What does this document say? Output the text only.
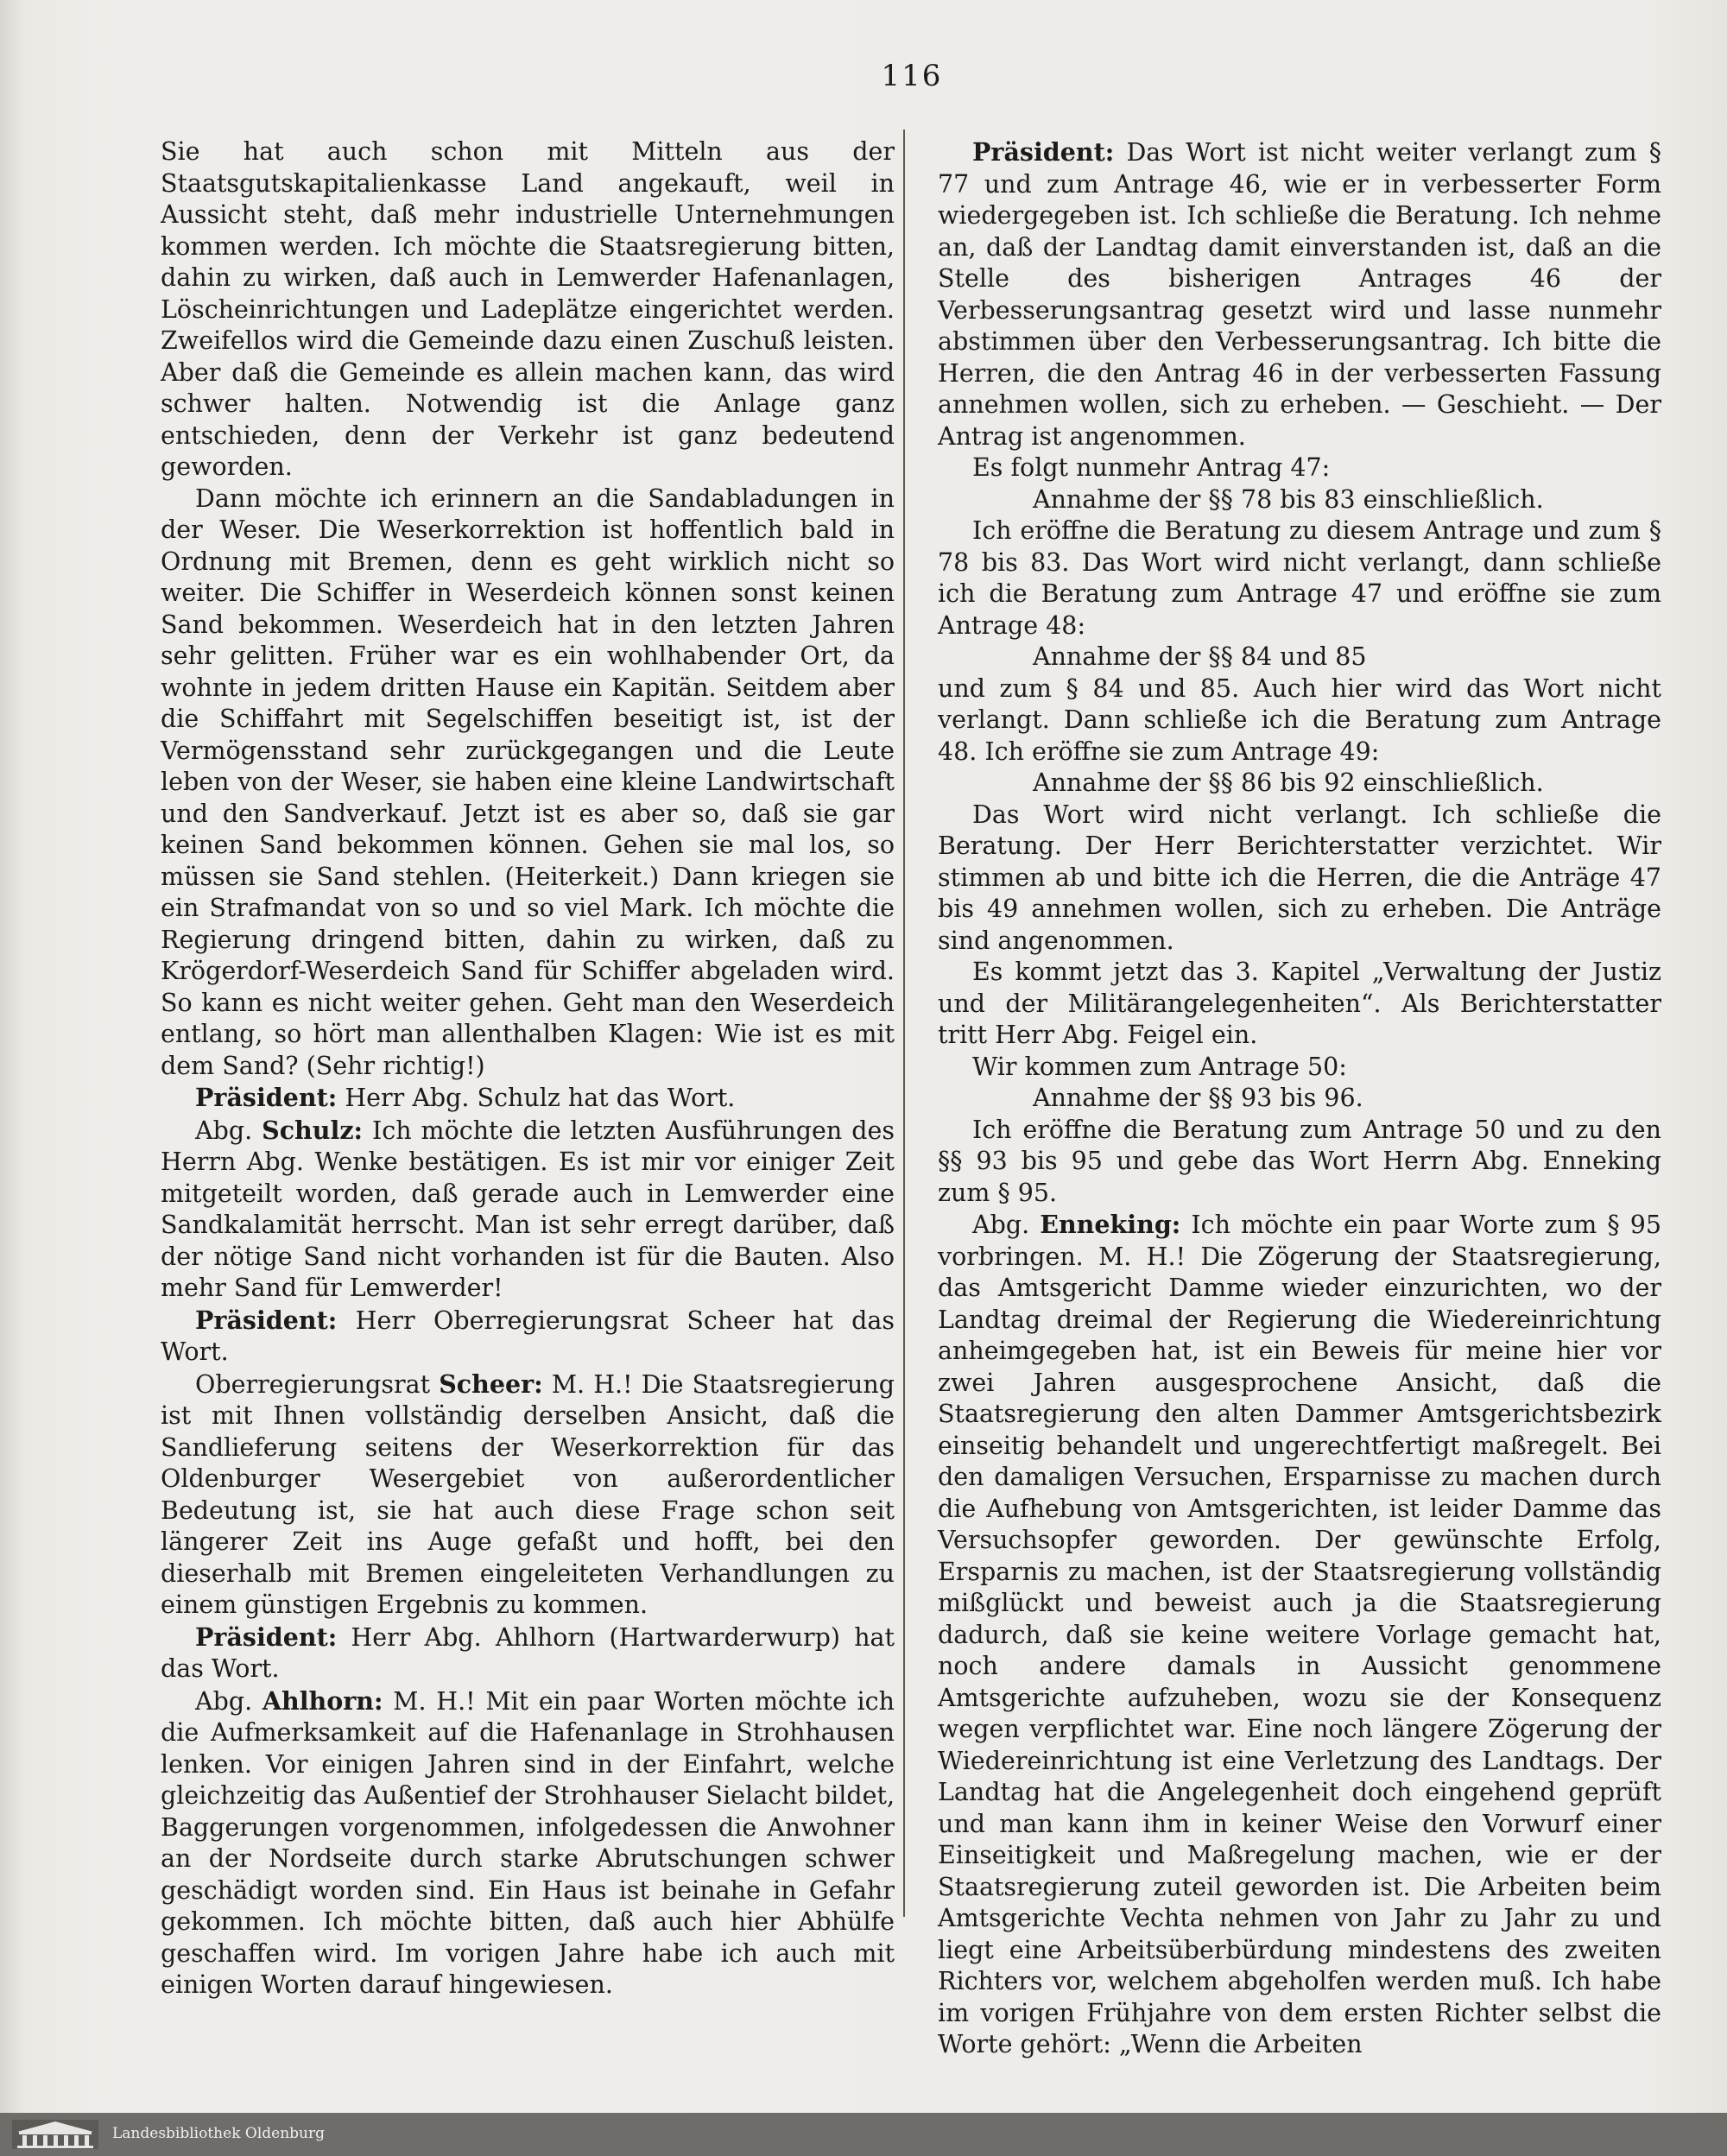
116

Sie hat auch schon mit Mitteln aus der Staatsgutskapitalienkasse Land angekauft, weil in Aussicht steht, daß mehr industrielle Unternehmungen kommen werden. Ich möchte die Staatsregierung bitten, dahin zu wirken, daß auch in Lemwerder Hafenanlagen, Löscheinrichtungen und Ladeplätze eingerichtet werden. Zweifellos wird die Gemeinde dazu einen Zuschuß leisten. Aber daß die Gemeinde es allein machen kann, das wird schwer halten. Notwendig ist die Anlage ganz entschieden, denn der Verkehr ist ganz bedeutend geworden.

Dann möchte ich erinnern an die Sandabladungen in der Weser. Die Weserkorrektion ist hoffentlich bald in Ordnung mit Bremen, denn es geht wirklich nicht so weiter. Die Schiffer in Weserdeich können sonst keinen Sand bekommen. Weserdeich hat in den letzten Jahren sehr gelitten. Früher war es ein wohlhabender Ort, da wohnte in jedem dritten Hause ein Kapitän. Seitdem aber die Schiffahrt mit Segelschiffen beseitigt ist, ist der Vermögensstand sehr zurückgegangen und die Leute leben von der Weser, sie haben eine kleine Landwirtschaft und den Sandverkauf. Jetzt ist es aber so, daß sie gar keinen Sand bekommen können. Gehen sie mal los, so müssen sie Sand stehlen. (Heiterkeit.) Dann kriegen sie ein Strafmandat von so und so viel Mark. Ich möchte die Regierung dringend bitten, dahin zu wirken, daß zu Krögerdorf-Weserdeich Sand für Schiffer abgeladen wird. So kann es nicht weiter gehen. Geht man den Weserdeich entlang, so hört man allenthalben Klagen: Wie ist es mit dem Sand? (Sehr richtig!)

Präsident: Herr Abg. Schulz hat das Wort.

Abg. Schulz: Ich möchte die letzten Ausführungen des Herrn Abg. Wenke bestätigen. Es ist mir vor einiger Zeit mitgeteilt worden, daß gerade auch in Lemwerder eine Sandkalamität herrscht. Man ist sehr erregt darüber, daß der nötige Sand nicht vorhanden ist für die Bauten. Also mehr Sand für Lemwerder!

Präsident: Herr Oberregierungsrat Scheer hat das Wort.

Oberregierungsrat Scheer: M. H.! Die Staatsregierung ist mit Ihnen vollständig derselben Ansicht, daß die Sandlieferung seitens der Weserkorrektion für das Oldenburger Wesergebiet von außerordentlicher Bedeutung ist, sie hat auch diese Frage schon seit längerer Zeit ins Auge gefaßt und hofft, bei den dieserhalb mit Bremen eingeleiteten Verhandlungen zu einem günstigen Ergebnis zu kommen.

Präsident: Herr Abg. Ahlhorn (Hartwarderwurp) hat das Wort.

Abg. Ahlhorn: M. H.! Mit ein paar Worten möchte ich die Aufmerksamkeit auf die Hafenanlage in Strohhausen lenken. Vor einigen Jahren sind in der Einfahrt, welche gleichzeitig das Außentief der Strohhauser Sielacht bildet, Baggerungen vorgenommen, infolgedessen die Anwohner an der Nordseite durch starke Abrutschungen schwer geschädigt worden sind. Ein Haus ist beinahe in Gefahr gekommen. Ich möchte bitten, daß auch hier Abhülfe geschaffen wird. Im vorigen Jahre habe ich auch mit einigen Worten darauf hingewiesen.

Präsident: Das Wort ist nicht weiter verlangt zum § 77 und zum Antrage 46, wie er in verbesserter Form wiedergegeben ist. Ich schließe die Beratung. Ich nehme an, daß der Landtag damit einverstanden ist, daß an die Stelle des bisherigen Antrages 46 der Verbesserungsantrag gesetzt wird und lasse nunmehr abstimmen über den Verbesserungsantrag. Ich bitte die Herren, die den Antrag 46 in der verbesserten Fassung annehmen wollen, sich zu erheben. — Geschieht. — Der Antrag ist angenommen.

Es folgt nunmehr Antrag 47:

Annahme der §§ 78 bis 83 einschließlich.

Ich eröffne die Beratung zu diesem Antrage und zum § 78 bis 83. Das Wort wird nicht verlangt, dann schließe ich die Beratung zum Antrage 47 und eröffne sie zum Antrage 48:

Annahme der §§ 84 und 85

und zum § 84 und 85. Auch hier wird das Wort nicht verlangt. Dann schließe ich die Beratung zum Antrage 48. Ich eröffne sie zum Antrage 49:

Annahme der §§ 86 bis 92 einschließlich.

Das Wort wird nicht verlangt. Ich schließe die Beratung. Der Herr Berichterstatter verzichtet. Wir stimmen ab und bitte ich die Herren, die die Anträge 47 bis 49 annehmen wollen, sich zu erheben. Die Anträge sind angenommen.

Es kommt jetzt das 3. Kapitel „Verwaltung der Justiz und der Militärangelegenheiten“. Als Berichterstatter tritt Herr Abg. Feigel ein.

Wir kommen zum Antrage 50:

Annahme der §§ 93 bis 96.

Ich eröffne die Beratung zum Antrage 50 und zu den §§ 93 bis 95 und gebe das Wort Herrn Abg. Enneking zum § 95.

Abg. Enneking: Ich möchte ein paar Worte zum § 95 vorbringen. M. H.! Die Zögerung der Staatsregierung, das Amtsgericht Damme wieder einzurichten, wo der Landtag dreimal der Regierung die Wiedereinrichtung anheimgegeben hat, ist ein Beweis für meine hier vor zwei Jahren ausgesprochene Ansicht, daß die Staatsregierung den alten Dammer Amtsgerichtsbezirk einseitig behandelt und ungerechtfertigt maßregelt. Bei den damaligen Versuchen, Ersparnisse zu machen durch die Aufhebung von Amtsgerichten, ist leider Damme das Versuchsopfer geworden. Der gewünschte Erfolg, Ersparnis zu machen, ist der Staatsregierung vollständig mißglückt und beweist auch ja die Staatsregierung dadurch, daß sie keine weitere Vorlage gemacht hat, noch andere damals in Aussicht genommene Amtsgerichte aufzuheben, wozu sie der Konsequenz wegen verpflichtet war. Eine noch längere Zögerung der Wiedereinrichtung ist eine Verletzung des Landtags. Der Landtag hat die Angelegenheit doch eingehend geprüft und man kann ihm in keiner Weise den Vorwurf einer Einseitigkeit und Maßregelung machen, wie er der Staatsregierung zuteil geworden ist. Die Arbeiten beim Amtsgerichte Vechta nehmen von Jahr zu Jahr zu und liegt eine Arbeitsüberbürdung mindestens des zweiten Richters vor, welchem abgeholfen werden muß. Ich habe im vorigen Frühjahre von dem ersten Richter selbst die Worte gehört: „Wenn die Arbeiten

Landesbibliothek Oldenburg
